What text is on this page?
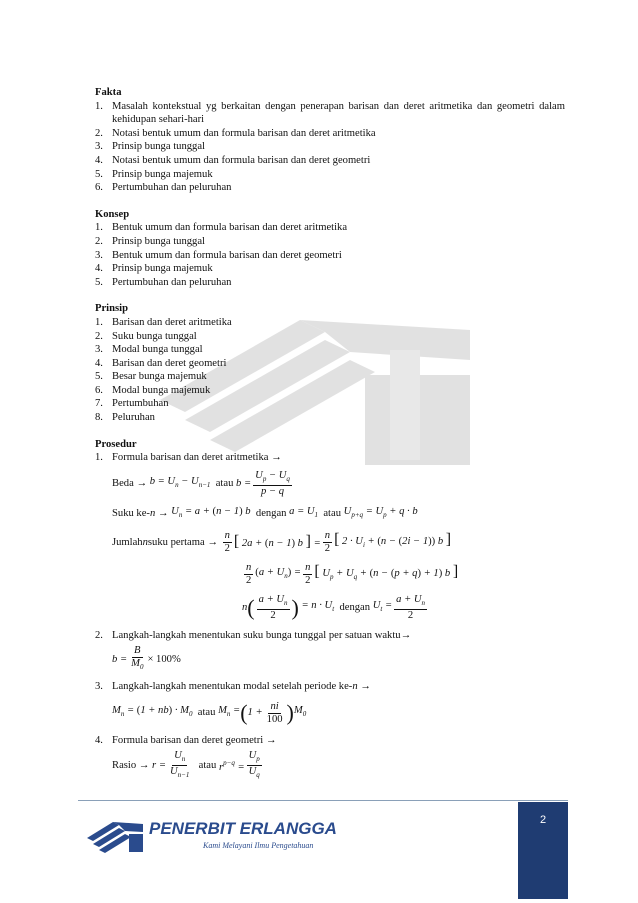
Fakta
1. Masalah kontekstual yg berkaitan dengan penerapan barisan dan deret aritmetika dan geometri dalam kehidupan sehari-hari
2. Notasi bentuk umum dan formula barisan dan deret aritmetika
3. Prinsip bunga tunggal
4. Notasi bentuk umum dan formula barisan dan deret geometri
5. Prinsip bunga majemuk
6. Pertumbuhan dan peluruhan
Konsep
1. Bentuk umum dan formula barisan dan deret aritmetika
2. Prinsip bunga tunggal
3. Bentuk umum dan formula barisan dan deret geometri
4. Prinsip bunga majemuk
5. Pertumbuhan dan peluruhan
Prinsip
1. Barisan dan deret aritmetika
2. Suku bunga tunggal
3. Modal bunga tunggal
4. Barisan dan deret geometri
5. Besar bunga majemuk
6. Modal bunga majemuk
7. Pertumbuhan
8. Peluruhan
Prosedur
1. Formula barisan dan deret aritmetika →
Beda
→
$b = U_n - U_{n-1}$
atau
$b = \frac{U_p - U_q}{p - q}$
Suku ke- n
→
$U_n = a + (n - 1)$ b
dengan
$a = U_1$
atau
$U_{p+q} = U_p + q \cdot b$
Jumlah n suku pertama
→
$\frac{n}{2}$ [ 2a + (n − 1) b ] = $\frac{n}{2}$ [ $2 \cdot U_i + (n - (2i - 1))$ b ]
$\frac{n}{2} (a + U_n) = \frac{n}{2}$ [ $U_p + U_q + (n - (p + q) + 1)$ b ]
n ( $\frac{a + U_n}{2}$ ) = $n \cdot U_t$
dengan
$U_t = \frac{a + U_n}{2}$
2. Langkah-langkah menentukan suku bunga tunggal per satuan waktu→
$b = \frac{B}{M_0} \times 100\%$
3. Langkah-langkah menentukan modal setelah periode ke-n →
$M_n = (1 + nb) \cdot M_0$
atau
$M_n$ = ( $1 + \frac{ni}{100}$ ) $M_0$
4. Formula barisan dan deret geometri →
Rasio
→
$r = \frac{U_n}{U_{n-1}}$
atau
$r^{p-q} = \frac{U_p}{U_q}$
PENERBIT ERLANGGA
Kami Melayani Ilmu Pengetahuan
2
